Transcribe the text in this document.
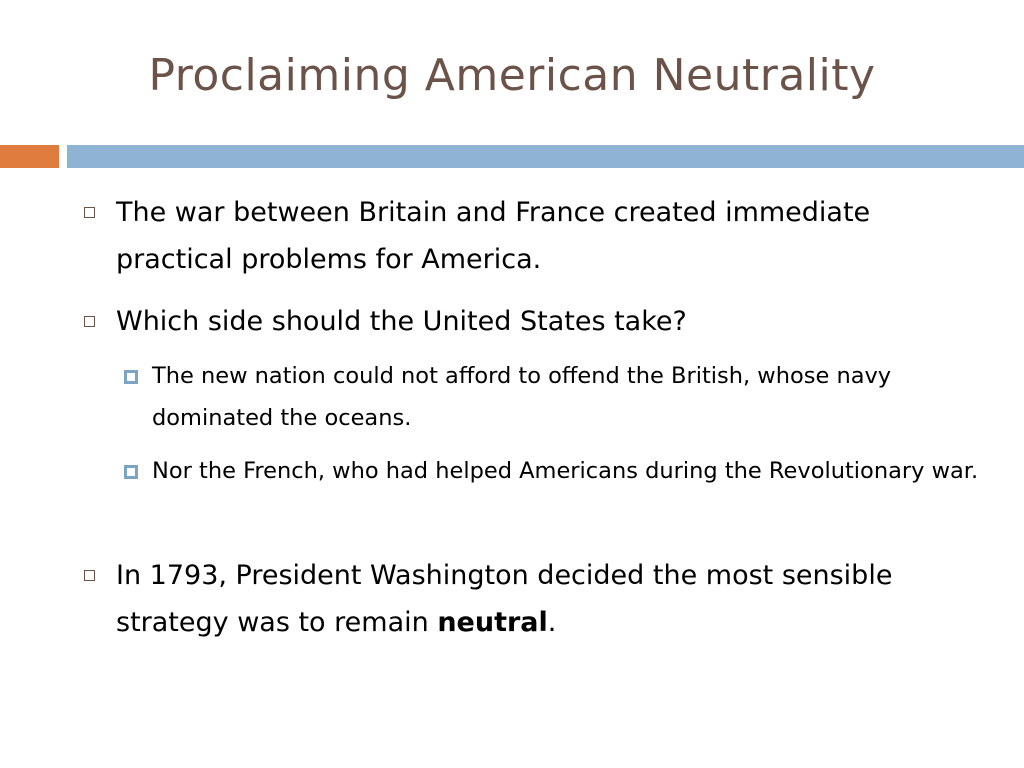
Proclaiming American Neutrality
The war between Britain and France created immediate practical problems for America.
Which side should the United States take?
The new nation could not afford to offend the British, whose navy dominated the oceans.
Nor the French, who had helped Americans during the Revolutionary war.
In 1793, President Washington decided the most sensible strategy was to remain neutral.
